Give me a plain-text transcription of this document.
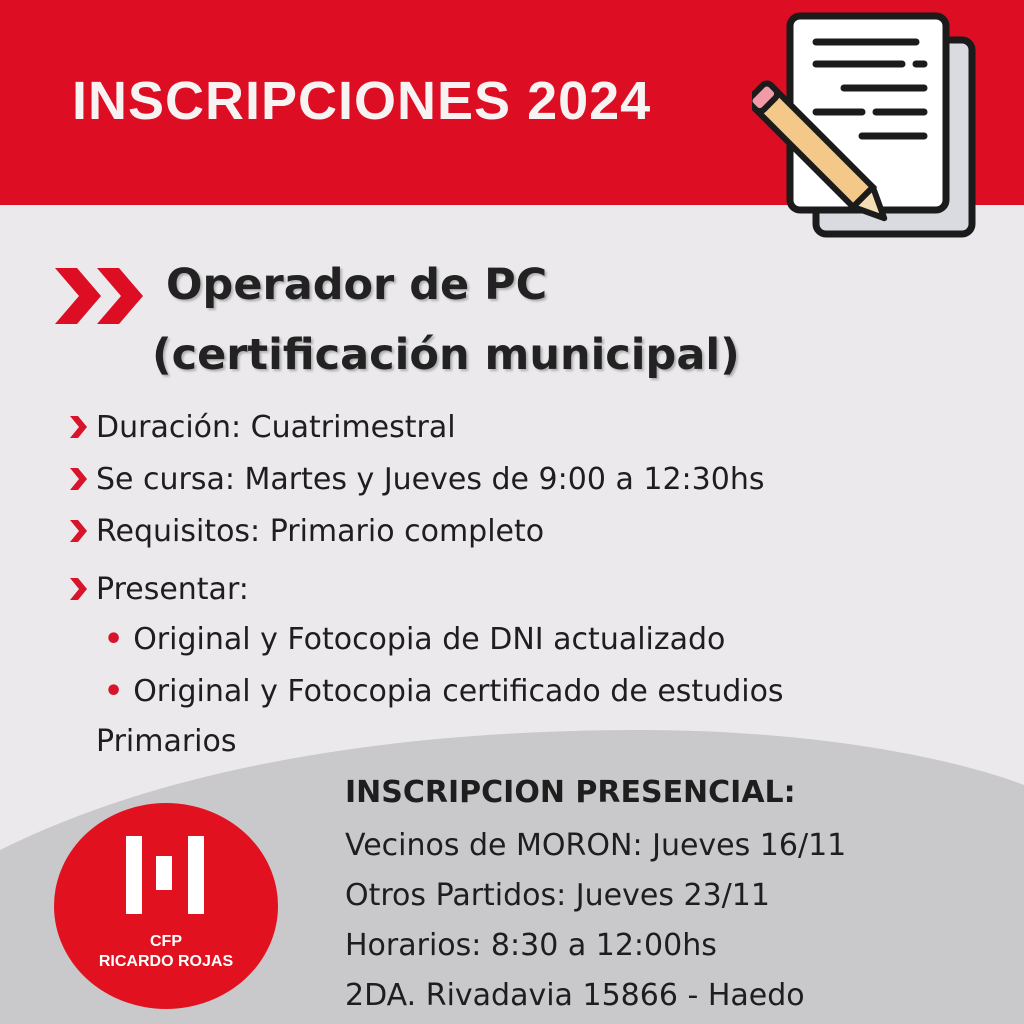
INSCRIPCIONES 2024
Operador de PC
(certificación municipal)
Duración: Cuatrimestral
Se cursa: Martes y Jueves de 9:00 a 12:30hs
Requisitos: Primario completo
Presentar:
• Original y Fotocopia de DNI actualizado
• Original y Fotocopia certificado de estudios
Primarios
CFP
RICARDO ROJAS
INSCRIPCION PRESENCIAL:
Vecinos de MORON: Jueves 16/11
Otros Partidos: Jueves 23/11
Horarios: 8:30 a 12:00hs
2DA. Rivadavia 15866 - Haedo
